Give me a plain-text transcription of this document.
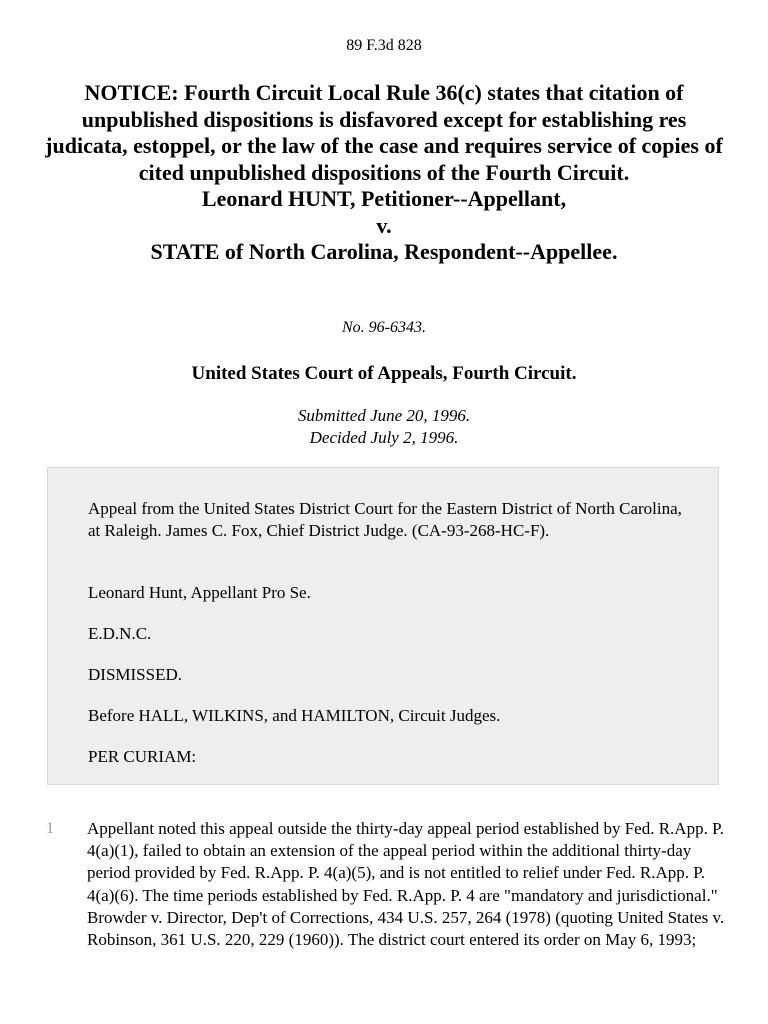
89 F.3d 828
NOTICE: Fourth Circuit Local Rule 36(c) states that citation of unpublished dispositions is disfavored except for establishing res judicata, estoppel, or the law of the case and requires service of copies of cited unpublished dispositions of the Fourth Circuit.
Leonard HUNT, Petitioner--Appellant,
v.
STATE of North Carolina, Respondent--Appellee.
No. 96-6343.
United States Court of Appeals, Fourth Circuit.
Submitted June 20, 1996.
Decided July 2, 1996.

Appeal from the United States District Court for the Eastern District of North Carolina, at Raleigh. James C. Fox, Chief District Judge. (CA-93-268-HC-F).

Leonard Hunt, Appellant Pro Se.

E.D.N.C.

DISMISSED.

Before HALL, WILKINS, and HAMILTON, Circuit Judges.

PER CURIAM:

1 Appellant noted this appeal outside the thirty-day appeal period established by Fed. R.App. P. 4(a)(1), failed to obtain an extension of the appeal period within the additional thirty-day period provided by Fed. R.App. P. 4(a)(5), and is not entitled to relief under Fed. R.App. P. 4(a)(6). The time periods established by Fed. R.App. P. 4 are "mandatory and jurisdictional." Browder v. Director, Dep't of Corrections, 434 U.S. 257, 264 (1978) (quoting United States v. Robinson, 361 U.S. 220, 229 (1960)). The district court entered its order on May 6, 1993;
